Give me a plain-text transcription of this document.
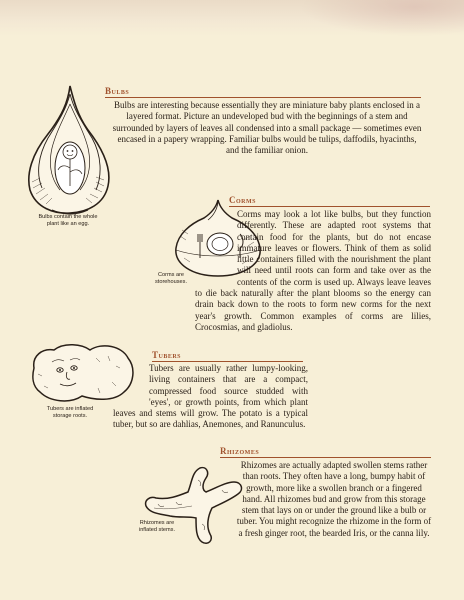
Bulbs contain the whole plant like an egg.
Bulbs

Bulbs are interesting because essentially they are miniature baby plants enclosed in a layered format. Picture an undeveloped bud with the beginnings of a stem and surrounded by layers of leaves all condensed into a small package — sometimes even encased in a papery wrapping. Familiar bulbs would be tulips, daffodils, hyacinths, and the familiar onion.

Corms are storehouses.
Corms
Corms may look a lot like bulbs, but they function differently. These are adapted root systems that contain food for the plants, but do not encase immature leaves or flowers. Think of them as solid little containers filled with the nourishment the plant will need until roots can form and take over as the contents of the corm is used up. Always leave leaves to die back naturally after the plant blooms so the energy can drain back down to the roots to form new corms for the next year's growth. Common examples of corms are lilies, Crocosmias, and gladiolus.
Tubers are inflated storage roots.
Tubers
Tubers are usually rather lumpy-looking, living containers that are a compact, compressed food source studded with 'eyes', or growth points, from which plant leaves and stems will grow. The potato is a typical tuber, but so are dahlias, Anemones, and Ranunculus.
Rhizomes are inflated stems.
Rhizomes

Rhizomes are actually adapted swollen stems rather than roots. They often have a long, bumpy habit of growth, more like a swollen branch or a fingered hand. All rhizomes bud and grow from this storage stem that lays on or under the ground like a bulb or tuber. You might recognize the rhizome in the form of a fresh ginger root, the bearded Iris, or the canna lily.
